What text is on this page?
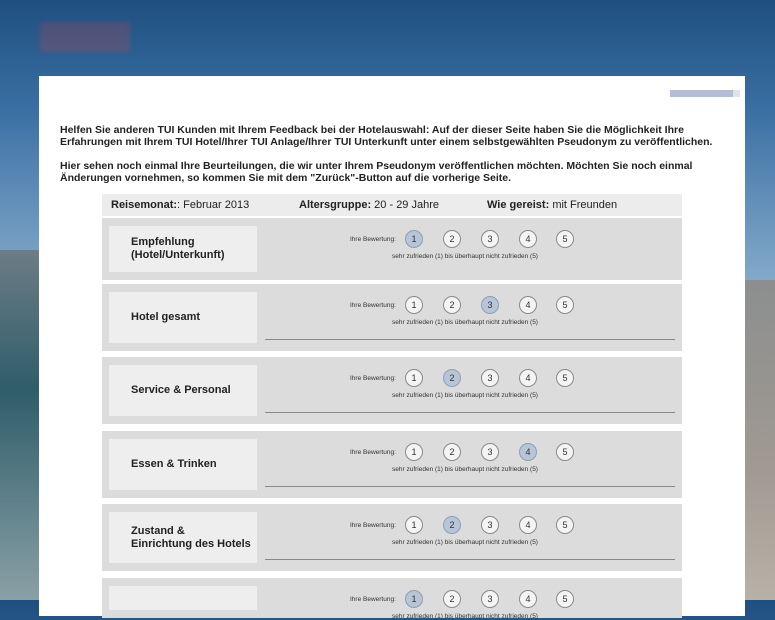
Helfen Sie anderen TUI Kunden mit Ihrem Feedback bei der Hotelauswahl: Auf der dieser Seite haben Sie die Möglichkeit Ihre Erfahrungen mit Ihrem TUI Hotel/Ihrer TUI Anlage/Ihrer TUI Unterkunft unter einem selbstgewählten Pseudonym zu veröffentlichen.

Hier sehen noch einmal Ihre Beurteilungen, die wir unter Ihrem Pseudonym veröffentlichen möchten. Möchten Sie noch einmal Änderungen vornehmen, so kommen Sie mit dem "Zurück"-Button auf die vorherige Seite.

Reisemonat:: Februar 2013	Altersgruppe: 20 - 29 Jahre	Wie gereist: mit Freunden
Empfehlung
(Hotel/Unterkunft)
Ihre Bewertung:	1	2	3	4	5
sehr zufrieden (1) bis überhaupt nicht zufrieden (5)
Hotel gesamt
Ihre Bewertung:	1	2	3	4	5
sehr zufrieden (1) bis überhaupt nicht zufrieden (5)
Service & Personal
Ihre Bewertung:	1	2	3	4	5
sehr zufrieden (1) bis überhaupt nicht zufrieden (5)
Essen & Trinken
Ihre Bewertung:	1	2	3	4	5
sehr zufrieden (1) bis überhaupt nicht zufrieden (5)
Zustand &
Einrichtung des Hotels
Ihre Bewertung:	1	2	3	4	5
sehr zufrieden (1) bis überhaupt nicht zufrieden (5)
Ihre Bewertung:	1	2	3	4	5
sehr zufrieden (1) bis überhaupt nicht zufrieden (5)
